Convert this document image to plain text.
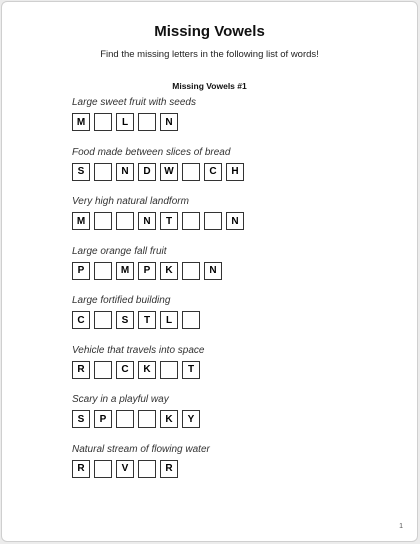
Missing Vowels
Find the missing letters in the following list of words!
Missing Vowels #1
Large sweet fruit with seeds
M	L	N
Food made between slices of bread
S	N	D	W	C	H
Very high natural landform
M	N	T	N
Large orange fall fruit
P	M	P	K	N
Large fortified building
C	S	T	L
Vehicle that travels into space
R	C	K	T
Scary in a playful way
S	P	K	Y
Natural stream of flowing water
R	V	R
1
